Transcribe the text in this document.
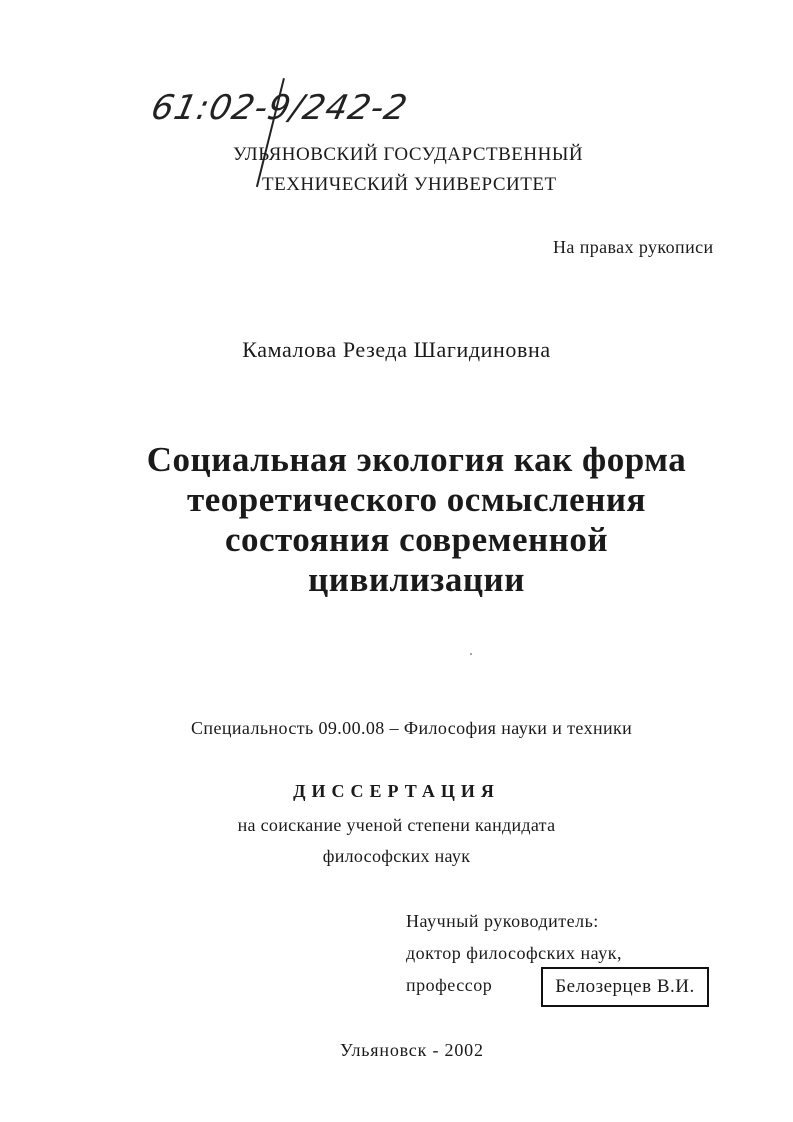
61:02-9/242-2
УЛЬЯНОВСКИЙ ГОСУДАРСТВЕННЫЙ
ТЕХНИЧЕСКИЙ УНИВЕРСИТЕТ
На правах рукописи
Камалова Резеда Шагидиновна
Социальная экология как форма
теоретического осмысления
состояния современной
цивилизации
Специальность 09.00.08 – Философия науки и техники
ДИССЕРТАЦИЯ
на соискание ученой степени кандидата
философских наук
Научный руководитель:
доктор философских наук,
профессор	Белозерцев В.И.
Ульяновск - 2002
